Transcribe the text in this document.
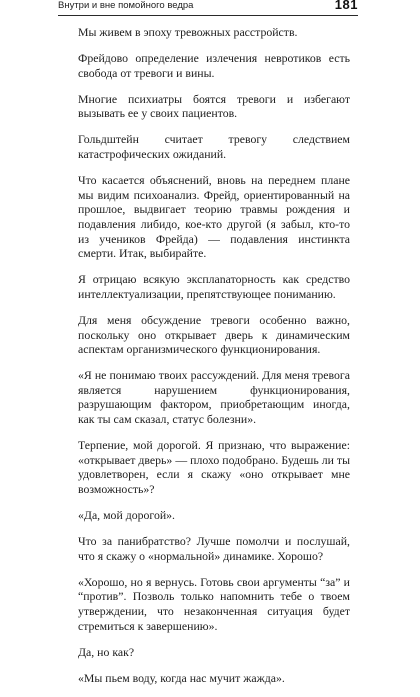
Внутри и вне помойного ведра	181

Мы живем в эпоху тревожных расстройств.

Фрейдово определение излечения невротиков есть свобода от тревоги и вины.

Многие психиатры боятся тревоги и избегают вызывать ее у своих пациентов.

Гольдштейн считает тревогу следствием катастрофических ожиданий.

Что касается объяснений, вновь на переднем плане мы видим психоанализ. Фрейд, ориентированный на прошлое, выдвигает теорию травмы рождения и подавления либидо, кое-кто другой (я забыл, кто-то из учеников Фрейда) — подавления инстинкта смерти. Итак, выбирайте.

Я отрицаю всякую эксплanаторность как средство интеллектуализации, препятствующее пониманию.

Для меня обсуждение тревоги особенно важно, поскольку оно открывает дверь к динамическим аспектам организмического функционирования.

«Я не понимаю твоих рассуждений. Для меня тревога является нарушением функционирования, разрушающим фактором, приобретающим иногда, как ты сам сказал, статус болезни».

Терпение, мой дорогой. Я признаю, что выражение: «открывает дверь» — плохо подобрано. Будешь ли ты удовлетворен, если я скажу «оно открывает мне возможность»?

«Да, мой дорогой».

Что за панибратство? Лучше помолчи и послушай, что я скажу о «нормальной» динамике. Хорошо?

«Хорошо, но я вернусь. Готовь свои аргументы “за” и “против”. Позволь только напомнить тебе о твоем утверждении, что незаконченная ситуация будет стремиться к завершению».

Да, но как?

«Мы пьем воду, когда нас мучит жажда».
